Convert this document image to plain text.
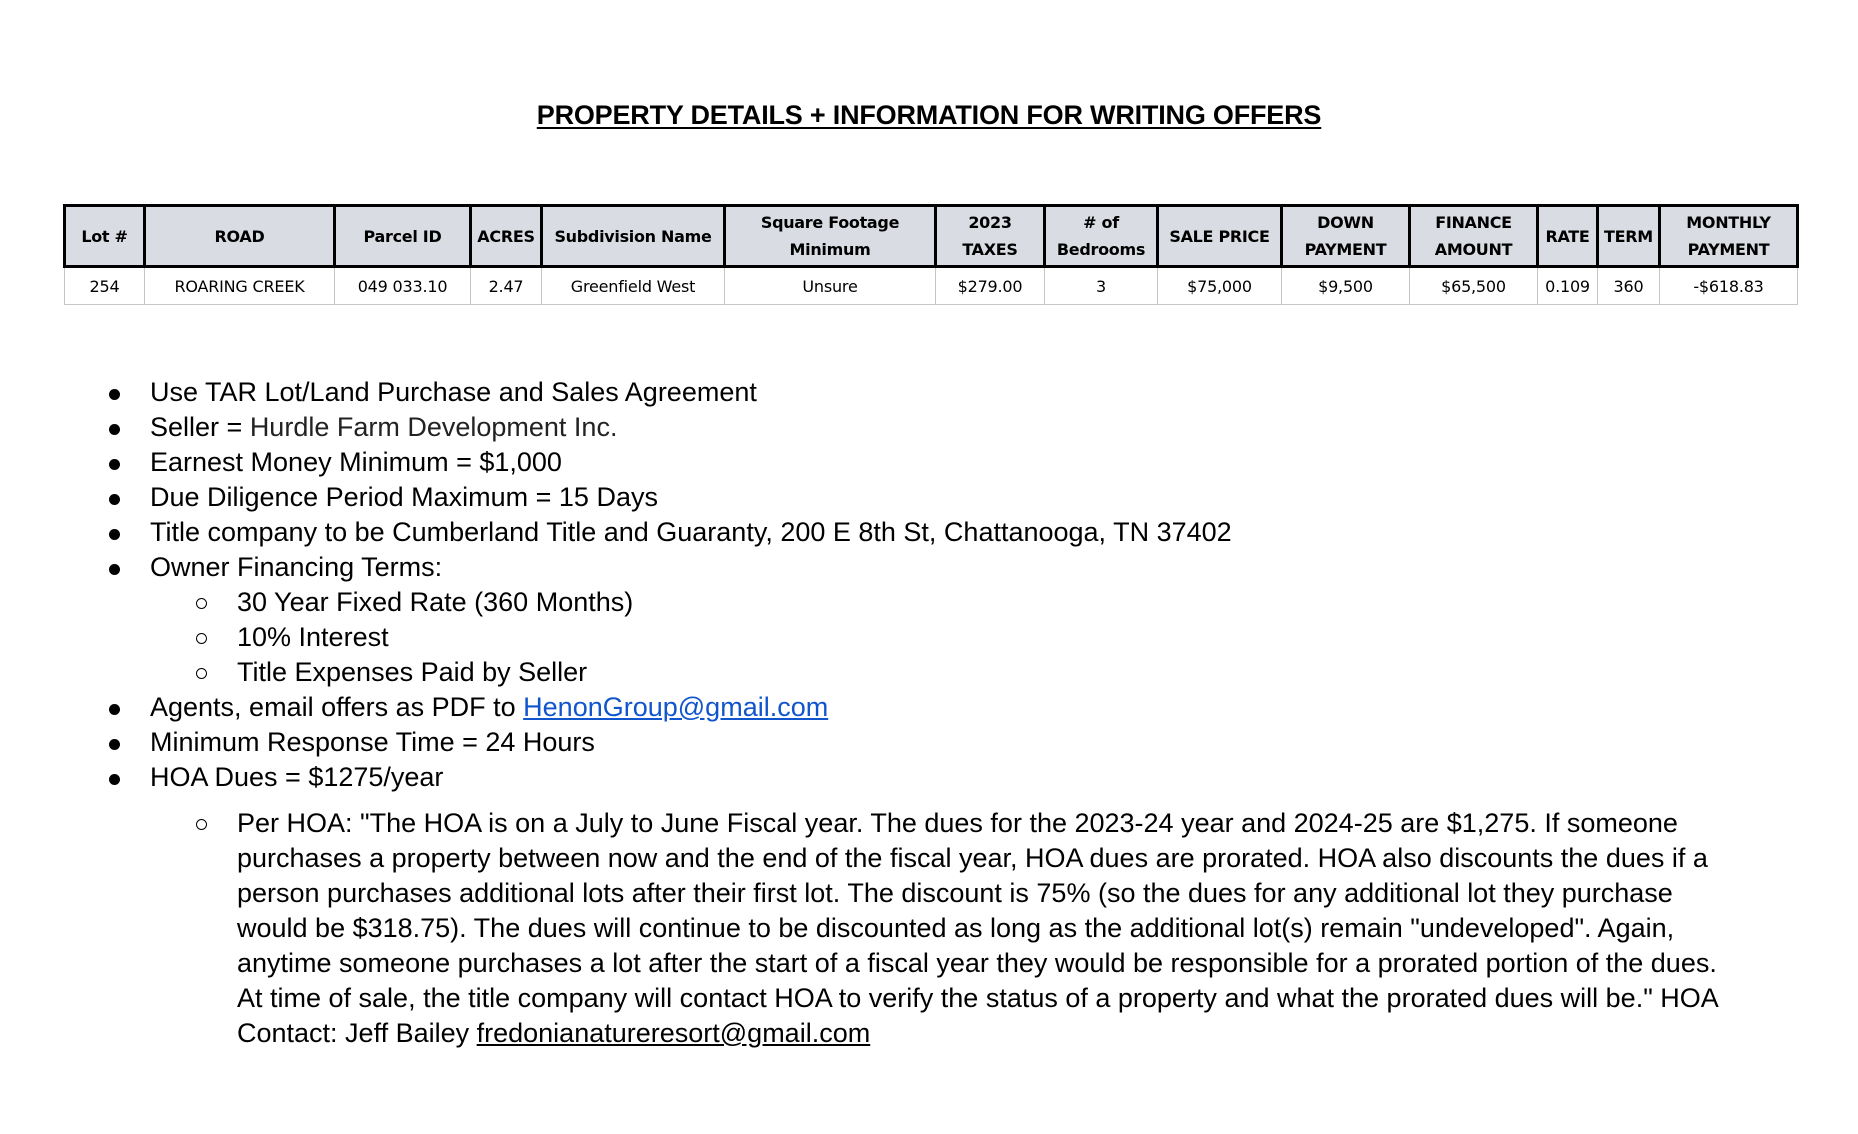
PROPERTY DETAILS + INFORMATION FOR WRITING OFFERS
Lot #	ROAD	Parcel ID	ACRES	Subdivision Name	Square Footage Minimum	2023 TAXES	# of Bedrooms	SALE PRICE	DOWN PAYMENT	FINANCE AMOUNT	RATE	TERM	MONTHLY PAYMENT
254	ROARING CREEK	049 033.10	2.47	Greenfield West	Unsure	$279.00	3	$75,000	$9,500	$65,500	0.109	360	-$618.83
Use TAR Lot/Land Purchase and Sales Agreement
Seller = Hurdle Farm Development Inc.
Earnest Money Minimum = $1,000
Due Diligence Period Maximum = 15 Days
Title company to be Cumberland Title and Guaranty, 200 E 8th St, Chattanooga, TN 37402
Owner Financing Terms:
30 Year Fixed Rate (360 Months)
10% Interest
Title Expenses Paid by Seller
Agents, email offers as PDF to HenonGroup@gmail.com
Minimum Response Time = 24 Hours
HOA Dues = $1275/year
Per HOA: "The HOA is on a July to June Fiscal year. The dues for the 2023-24 year and 2024-25 are $1,275. If someone purchases a property between now and the end of the fiscal year, HOA dues are prorated. HOA also discounts the dues if a person purchases additional lots after their first lot. The discount is 75% (so the dues for any additional lot they purchase would be $318.75). The dues will continue to be discounted as long as the additional lot(s) remain "undeveloped". Again, anytime someone purchases a lot after the start of a fiscal year they would be responsible for a prorated portion of the dues. At time of sale, the title company will contact HOA to verify the status of a property and what the prorated dues will be." HOA Contact: Jeff Bailey fredonianatureresort@gmail.com
